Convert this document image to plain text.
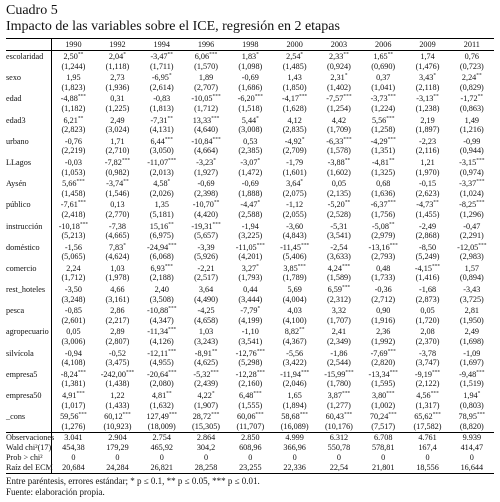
Cuadro 5
Impacto de las variables sobre el ICE, regresión en 2 etapas
	1990	1992	1994	1996	1998	2000	2003	2006	2009	2011
escolaridad	2,50**	2,04*	-3,47**	6,06***	1,83*	2,54*	2,33**	1,65**	1,74	0,76
	(1,244)	(1,118)	(1,711)	(1,570)	(1,098)	(1,485)	(0,924)	(0,690)	(1,476)	(0,723)
sexo	1,95	2,73	-6,95*	1,89	-0,69	1,43	2,31*	0,37	3,43*	2,24**
	(1,823)	(1,936)	(2,614)	(2,707)	(1,686)	(1,850)	(1,402)	(1,041)	(2,118)	(0,829)
edad	-4,88***	0,31	-0,83	-10,05***	-6,20***	-4,17***	-7,57***	-3,73***	-3,13**	-1,72**
	(1,182)	(1,225)	(1,813)	(1,712)	(1,518)	(1,628)	(1,254)	(1,224)	(1,238)	(0,863)
edad3	6,21**	2,49	-7,31**	13,33***	5,44*	4,12	4,42	5,56***	2,19	1,49
	(2,823)	(3,024)	(4,131)	(4,640)	(3,008)	(2,835)	(1,709)	(1,258)	(1,897)	(1,216)
urbano	-0,76	1,71	6,44***	-10,84***	0,53	-4,92*	-6,33***	-4,29***	-2,23	-0,99
	(2,219)	(2,710)	(3,050)	(4,664)	(2,385)	(2,709)	(1,578)	(1,351)	(2,116)	(0,944)
LLagos	-0,03	-7,82***	-11,07***	-3,23*	-3,07*	-1,79	-3,88**	-4,81**	1,21	-3,15***
	(1,053)	(0,982)	(2,013)	(1,927)	(1,472)	(1,601)	(1,602)	(1,325)	(1,970)	(0,974)
Aysén	5,66***	-3,74**	4,58*	-0,69	-0,69	3,64*	0,05	0,68	-0,15	-3,37***
	(1,458)	(1,546)	(2,026)	(2,398)	(1,888)	(2,075)	(2,135)	(1,636)	(2,623)	(1,024)
público	-7,61***	0,13	1,35	-10,70**	-4,47*	-1,12	-5,20**	-6,37***	-4,73**	-8,25***
	(2,418)	(2,770)	(5,181)	(4,420)	(2,588)	(2,055)	(2,528)	(1,756)	(1,455)	(1,296)
instrucción	-10,18***	-7,38	15,16**	-19,31***	-1,94	-3,60	-5,31	-5,08**	-2,49	-0,47
	(5,213)	(4,665)	(6,975)	(5,657)	(3,225)	(4,843)	(3,541)	(2,979)	(2,868)	(2,291)
doméstico	-1,56	7,83*	-24,94***	-3,39	-11,05***	-11,45***	-2,54	-13,16***	-8,50	-12,05***
	(5,065)	(4,624)	(6,068)	(5,926)	(4,201)	(5,406)	(3,633)	(2,793)	(5,249)	(2,983)
comercio	2,24	1,03	6,93***	-2,21	3,27*	3,85***	4,24***	0,48	-4,15***	1,57
	(1,712)	(1,978)	(2,188)	(2,517)	(1,793)	(1,789)	(1,589)	(1,733)	(1,416)	(0,894)
rest_hoteles	-3,50	4,66	2,40	3,64	0,44	5,69	6,59***	-0,36	-1,68	-3,43
	(3,248)	(3,161)	(3,508)	(4,490)	(3,444)	(4,004)	(2,312)	(2,712)	(2,873)	(3,725)
pesca	-0,85	2,86	-10,88***	-4,25	-7,79*	4,03	3,32	0,90	0,05	2,81
	(2,601)	(2,217)	(4,347)	(4,658)	(4,199)	(4,100)	(1,707)	(1,916)	(1,720)	(1,950)
agropecuario	0,05	2,89	-11,34***	1,03	-1,10	8,82**	2,41	2,36	2,08	2,49
	(3,006)	(2,807)	(4,126)	(3,243)	(3,541)	(4,367)	(2,349)	(1,992)	(2,370)	(1,698)
silvícola	-0,94	-0,52	-12,11***	-8,91**	-12,76***	-5,56	-1,86	-7,69***	-3,78	-1,09
	(4,108)	(3,475)	(4,955)	(4,625)	(5,298)	(3,422)	(2,544)	(2,820)	(3,747)	(1,697)
empresa5	-8,24***	-242,00***	-20,64***	-5,32***	-12,28***	-11,94***	-15,99***	-13,34***	-9,19***	-9,48***
	(1,381)	(1,438)	(2,080)	(2,439)	(2,160)	(2,046)	(1,780)	(1,595)	(2,122)	(1,519)
empresa50	4,91***	1,22	4,81**	4,22*	6,48***	1,65	3,87***	3,80***	4,56***	1,94*
	(1,017)	(1,433)	(1,632)	(1,907)	(1,555)	(1,894)	(1,277)	(1,002)	(1,317)	(0,803)
_cons	59,56***	60,12***	127,49***	28,72***	60,06***	58,68***	60,43***	70,24***	65,62***	78,95***
	(1,276)	(10,923)	(18,009)	(15,305)	(11,707)	(16,089)	(10,176)	(7,517)	(17,582)	(8,820)
Observaciones	3.041	2.904	2.754	2.864	2.850	4.999	6.312	6.708	4.761	9.939
Wald chi²(17)	454,38	179,29	465,92	304,2	608,96	366,96	550,78	578,81	167,4	414,47
Prob > chi²	0	0	0	0	0	0	0	0	0	0
Raíz del ECM	20,684	24,284	26,821	28,258	23,255	22,336	22,54	21,801	18,556	16,644
Entre paréntesis, errores estándar; * p ≤ 0.1, ** p ≤ 0.05, *** p ≤ 0.01.
Fuente: elaboración propia.
